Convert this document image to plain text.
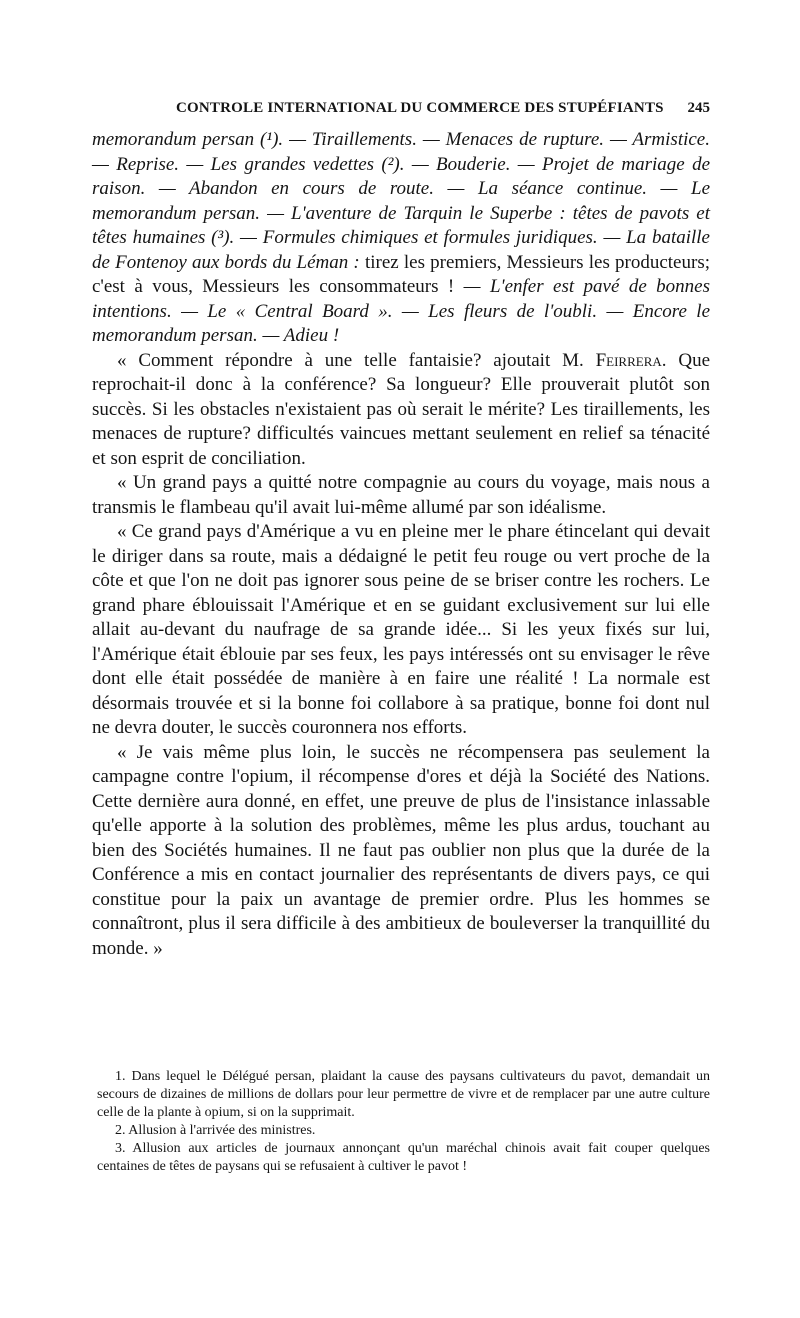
CONTROLE INTERNATIONAL DU COMMERCE DES STUPÉFIANTS 245

memorandum persan (¹). — Tiraillements. — Menaces de rupture. — Armistice. — Reprise. — Les grandes vedettes (²). — Bouderie. — Projet de mariage de raison. — Abandon en cours de route. — La séance continue. — Le memorandum persan. — L'aventure de Tarquin le Superbe : têtes de pavots et têtes humaines (³). — Formules chimiques et formules juridiques. — La bataille de Fontenoy aux bords du Léman : tirez les premiers, Messieurs les producteurs; c'est à vous, Messieurs les consommateurs ! — L'enfer est pavé de bonnes intentions. — Le « Central Board ». — Les fleurs de l'oubli. — Encore le memorandum persan. — Adieu !

« Comment répondre à une telle fantaisie? ajoutait M. Feirrera. Que reprochait-il donc à la conférence? Sa longueur? Elle prouverait plutôt son succès. Si les obstacles n'existaient pas où serait le mérite? Les tiraillements, les menaces de rupture? difficultés vaincues mettant seulement en relief sa ténacité et son esprit de conciliation.

« Un grand pays a quitté notre compagnie au cours du voyage, mais nous a transmis le flambeau qu'il avait lui-même allumé par son idéalisme.

« Ce grand pays d'Amérique a vu en pleine mer le phare étincelant qui devait le diriger dans sa route, mais a dédaigné le petit feu rouge ou vert proche de la côte et que l'on ne doit pas ignorer sous peine de se briser contre les rochers. Le grand phare éblouissait l'Amérique et en se guidant exclusivement sur lui elle allait au-devant du naufrage de sa grande idée... Si les yeux fixés sur lui, l'Amérique était éblouie par ses feux, les pays intéressés ont su envisager le rêve dont elle était possédée de manière à en faire une réalité ! La normale est désormais trouvée et si la bonne foi collabore à sa pratique, bonne foi dont nul ne devra douter, le succès couronnera nos efforts.

« Je vais même plus loin, le succès ne récompensera pas seulement la campagne contre l'opium, il récompense d'ores et déjà la Société des Nations. Cette dernière aura donné, en effet, une preuve de plus de l'insistance inlassable qu'elle apporte à la solution des problèmes, même les plus ardus, touchant au bien des Sociétés humaines. Il ne faut pas oublier non plus que la durée de la Conférence a mis en contact journalier des représentants de divers pays, ce qui constitue pour la paix un avantage de premier ordre. Plus les hommes se connaîtront, plus il sera difficile à des ambitieux de bouleverser la tranquillité du monde. »

1. Dans lequel le Délégué persan, plaidant la cause des paysans cultivateurs du pavot, demandait un secours de dizaines de millions de dollars pour leur permettre de vivre et de remplacer par une autre culture celle de la plante à opium, si on la supprimait.

2. Allusion à l'arrivée des ministres.

3. Allusion aux articles de journaux annonçant qu'un maréchal chinois avait fait couper quelques centaines de têtes de paysans qui se refusaient à cultiver le pavot !
